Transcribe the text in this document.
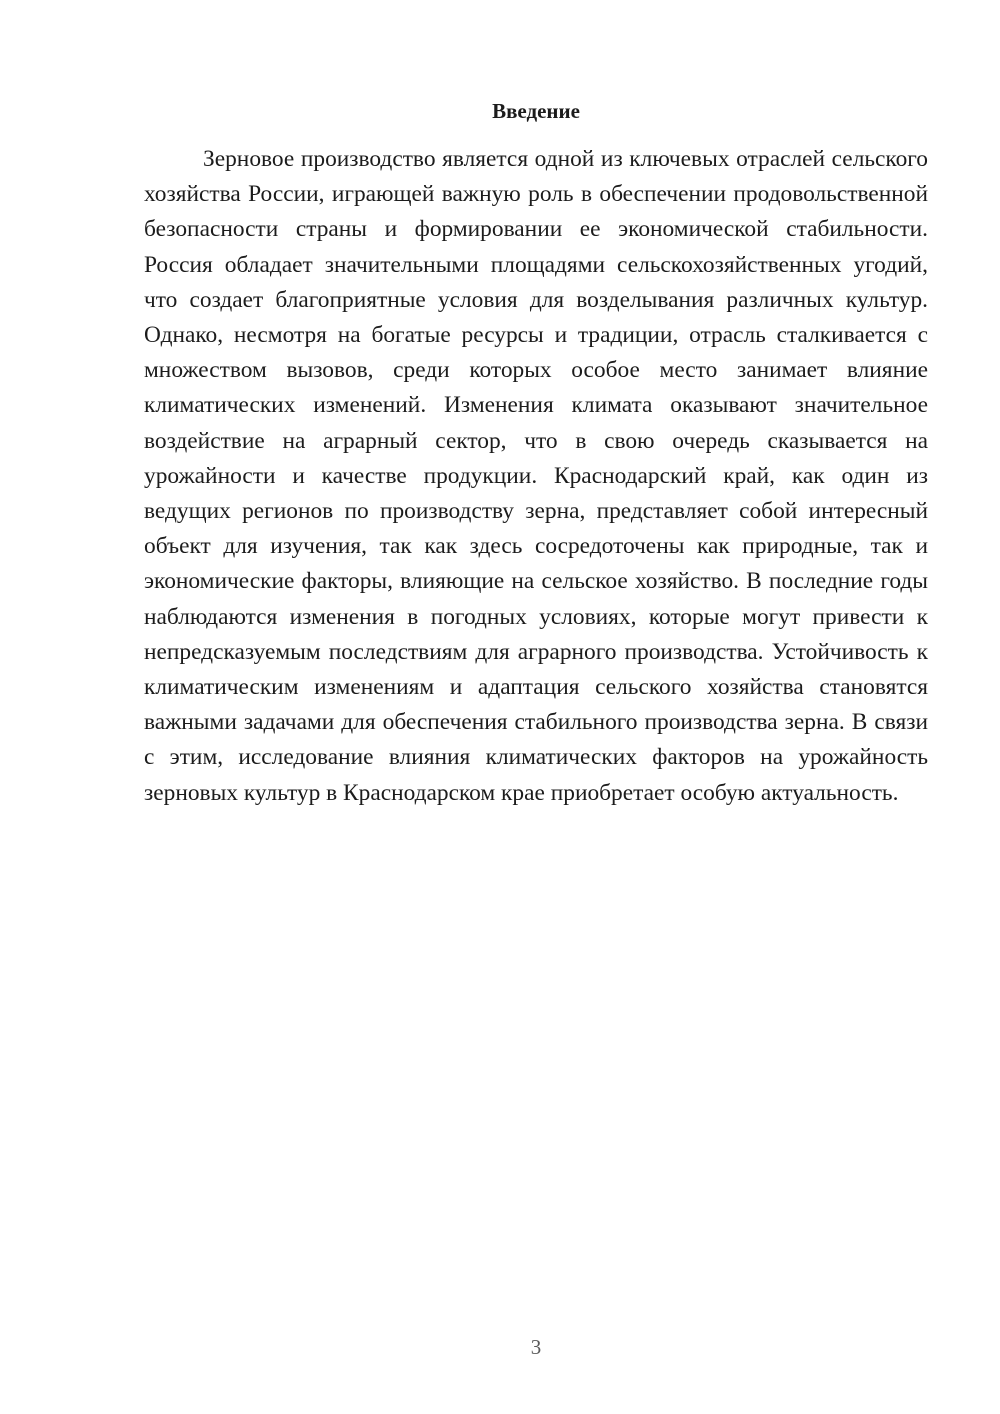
Введение

Зерновое производство является одной из ключевых отраслей сельского хозяйства России, играющей важную роль в обеспечении продовольственной безопасности страны и формировании ее экономической стабильности. Россия обладает значительными площадями сельскохозяйственных угодий, что создает благоприятные условия для возделывания различных культур. Однако, несмотря на богатые ресурсы и традиции, отрасль сталкивается с множеством вызовов, среди которых особое место занимает влияние климатических изменений. Изменения климата оказывают значительное воздействие на аграрный сектор, что в свою очередь сказывается на урожайности и качестве продукции. Краснодарский край, как один из ведущих регионов по производству зерна, представляет собой интересный объект для изучения, так как здесь сосредоточены как природные, так и экономические факторы, влияющие на сельское хозяйство. В последние годы наблюдаются изменения в погодных условиях, которые могут привести к непредсказуемым последствиям для аграрного производства. Устойчивость к климатическим изменениям и адаптация сельского хозяйства становятся важными задачами для обеспечения стабильного производства зерна. В связи с этим, исследование влияния климатических факторов на урожайность зерновых культур в Краснодарском крае приобретает особую актуальность.

3
